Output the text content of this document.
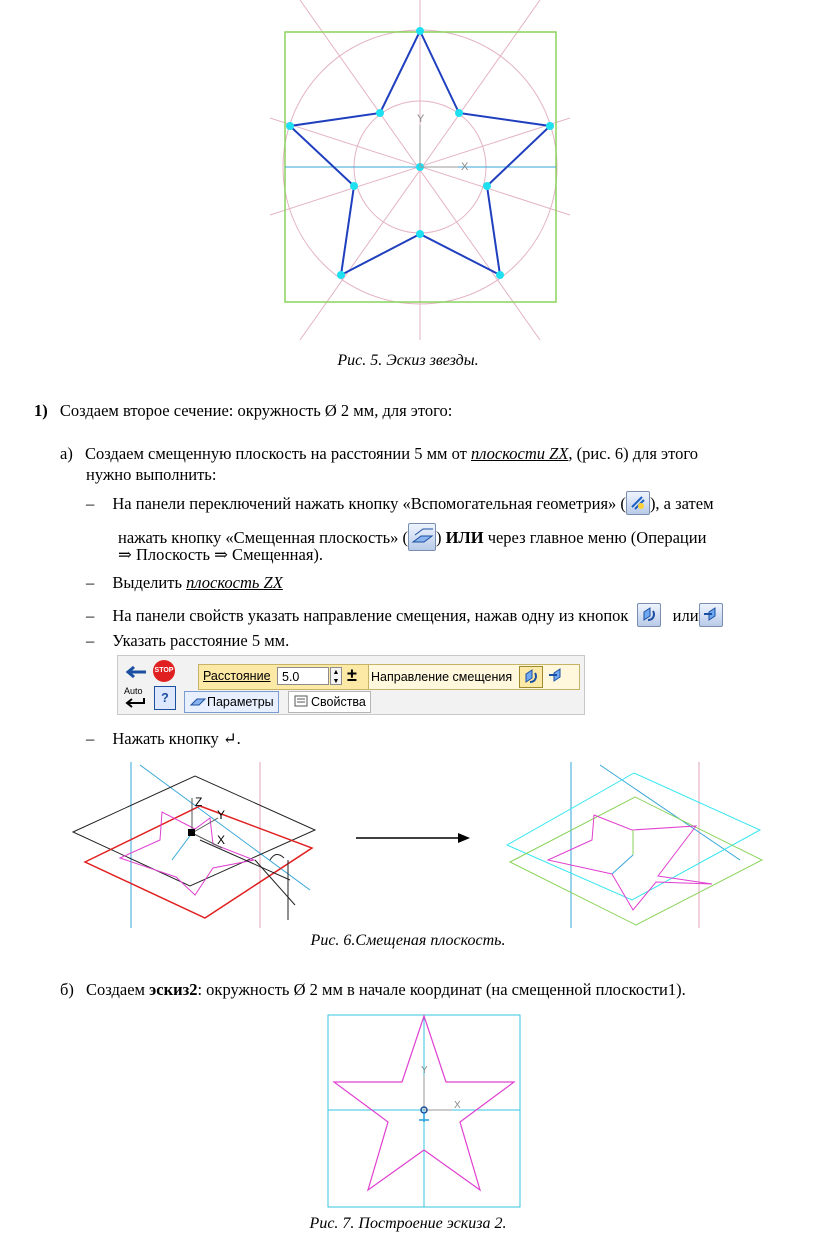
Y
X
Рис. 5. Эскиз звезды.
1) Создаем второе сечение: окружность Ø 2 мм, для этого:
а) Создаем смещенную плоскость на расстоянии 5 мм от плоскости ZX, (рис. 6) для этого
нужно выполнить:
– На панели переключений нажать кнопку «Вспомогательная геометрия» ( ), а затем
нажать кнопку «Смещенная плоскость» ( ) ИЛИ через главное меню (Операции
⇒ Плоскость ⇒ Смещенная).
– Выделить плоскость ZX
– На панели свойств указать направление смещения, нажав одну из кнопок	или
– Указать расстояние 5 мм.
STOP
Auto	?
Расстояние 5.0	▲
▼ ± Направление смещения
Параметры	Свойства
– Нажать кнопку ↵.
Z
Y
X
Рис. 6.Смещеная плоскость.
б) Создаем эскиз2: окружность Ø 2 мм в начале координат (на смещенной плоскости1).
Y
X
Рис. 7. Построение эскиза 2.
